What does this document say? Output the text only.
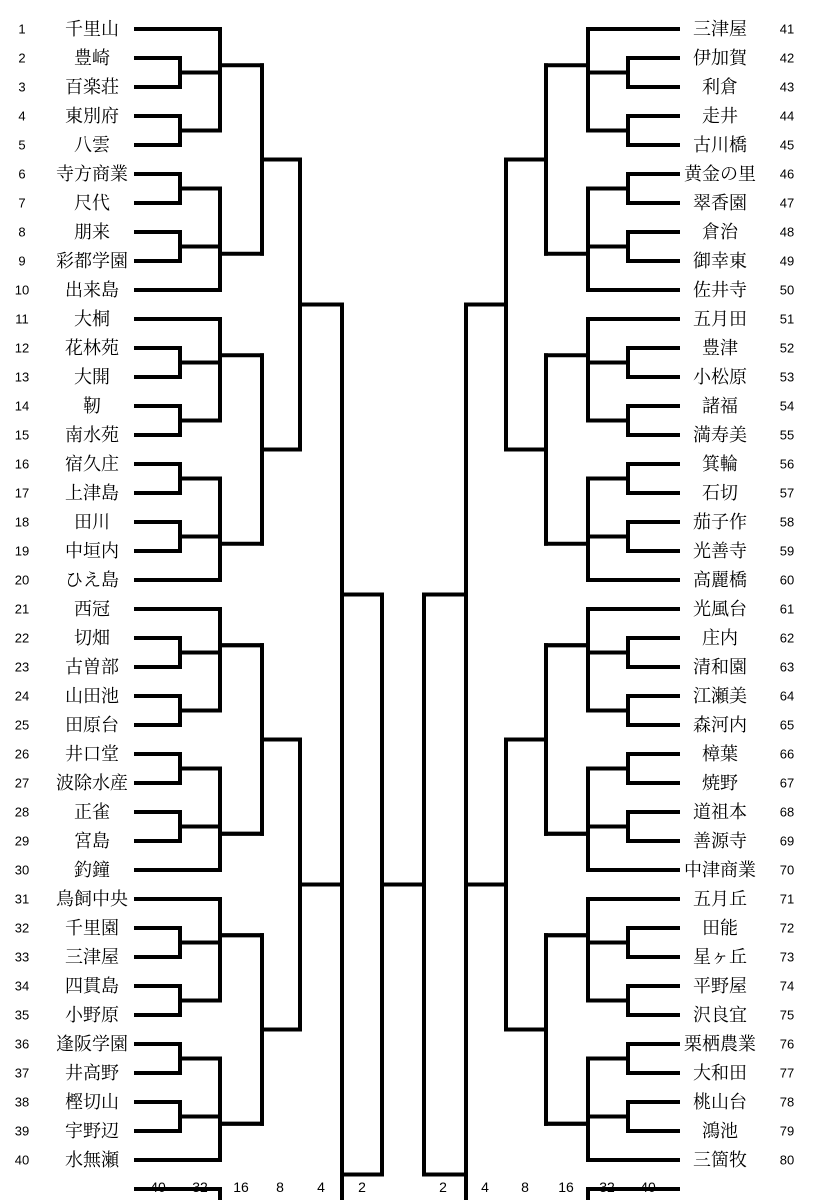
1 千里山	三津屋	41
2	豊崎	伊加賀	42
3 百楽荘	利倉	43
4 東別府	走井	44
5	八雲	古川橋	45
6 寺方商業	黄金の里 46
7	尺代	翠香園	47
8	朋来	倉治	48
9 彩都学園	御幸東	49
10 出来島	佐井寺	50
11	大桐	五月田	51
12 花林苑	豊津	52
13 大開	小松原	53
14	靭	諸福	54
15 南水苑	満寿美	55
16 宿久庄	箕輪	56
17 上津島	石切	57
18 田川	茄子作	58
19 中垣内	光善寺	59
20 ひえ島	高麗橋	60
21 西冠	光風台	61
22 切畑	庄内	62
23 古曽部	清和園	63
24 山田池	江瀬美	64
25 田原台	森河内	65
26 井口堂	樟葉	66
27 波除水産	焼野	67
28 正雀	道祖本	68
29 宮島	善源寺	69
30 釣鐘	中津商業 70
31 鳥飼中央	五月丘	71
32 千里園	田能	72
33 三津屋	星ヶ丘	73
34 四貫島	平野屋	74
35 小野原	沢良宜	75
36 逢阪学園	栗栖農業 76
37 井高野	大和田	77
38 樫切山	桃山台	78
39 宇野辺	鴻池	79
40 水無瀬	三箇牧	80
40	2
32	4
16	8
8	16
4	32
2	40
